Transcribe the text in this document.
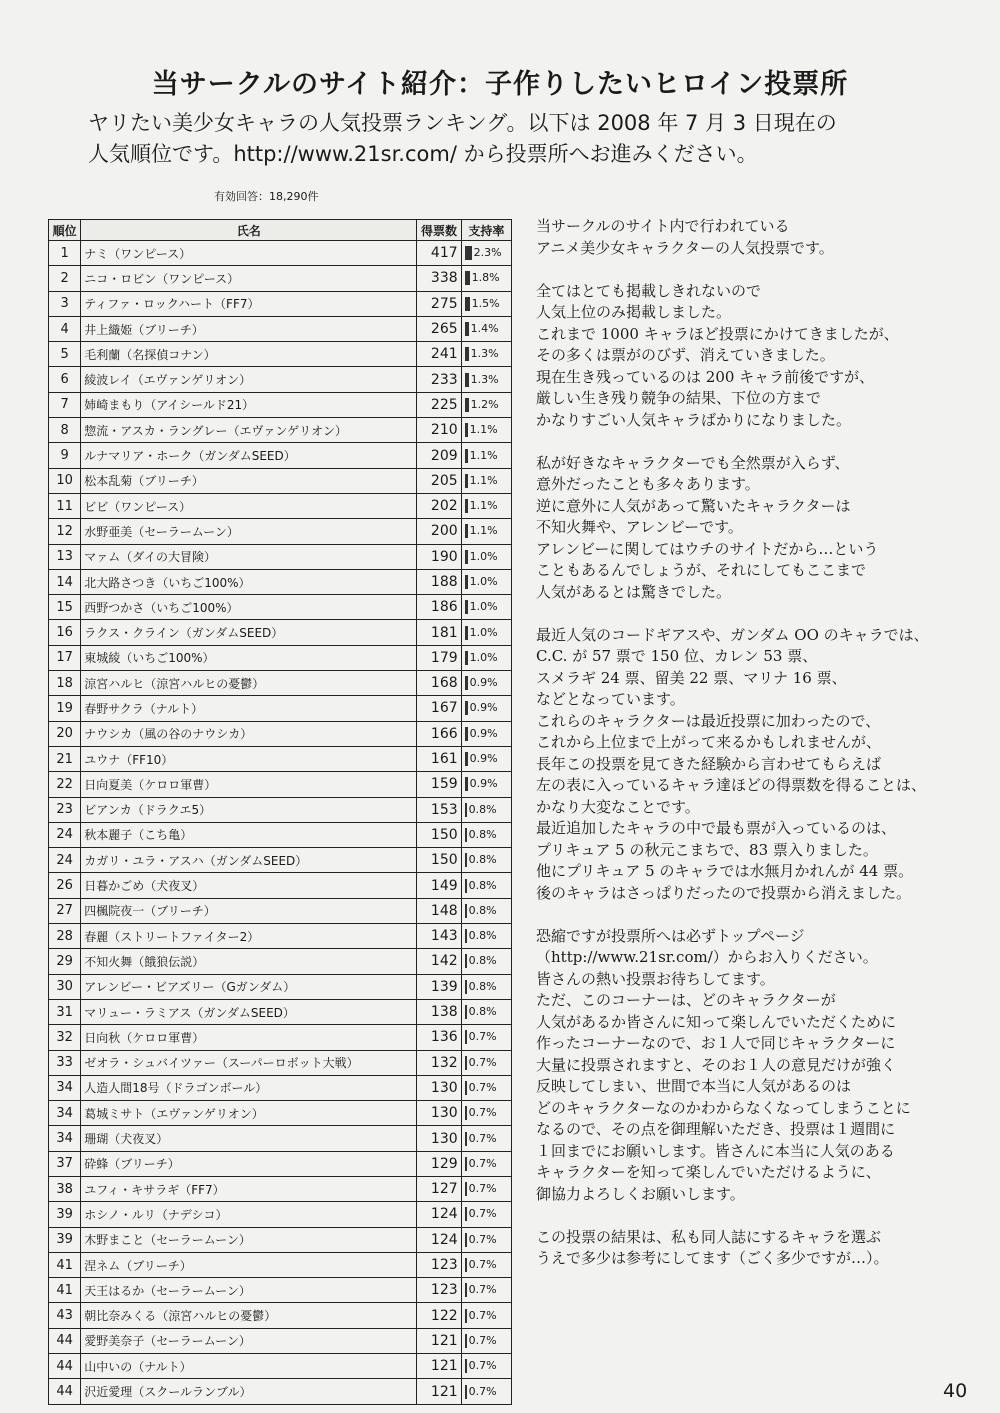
当サークルのサイト紹介：子作りしたいヒロイン投票所
ヤリたい美少女キャラの人気投票ランキング。以下は 2008 年 7 月 3 日現在の
人気順位です。http://www.21sr.com/ から投票所へお進みください。
有効回答：18,290件
順位	氏名	得票数	支持率
1	ナミ（ワンピース）	417	2.3%
2	ニコ・ロビン（ワンピース）	338	1.8%
3	ティファ・ロックハート（FF7）	275	1.5%
4	井上織姫（ブリーチ）	265	1.4%
5	毛利蘭（名探偵コナン）	241	1.3%
6	綾波レイ（エヴァンゲリオン）	233	1.3%
7	姉崎まもり（アイシールド21）	225	1.2%
8	惣流・アスカ・ラングレー（エヴァンゲリオン）	210	1.1%
9	ルナマリア・ホーク（ガンダムSEED）	209	1.1%
10	松本乱菊（ブリーチ）	205	1.1%
11	ビビ（ワンピース）	202	1.1%
12	水野亜美（セーラームーン）	200	1.1%
13	マァム（ダイの大冒険）	190	1.0%
14	北大路さつき（いちご100%）	188	1.0%
15	西野つかさ（いちご100%）	186	1.0%
16	ラクス・クライン（ガンダムSEED）	181	1.0%
17	東城綾（いちご100%）	179	1.0%
18	涼宮ハルヒ（涼宮ハルヒの憂鬱）	168	0.9%
19	春野サクラ（ナルト）	167	0.9%
20	ナウシカ（風の谷のナウシカ）	166	0.9%
21	ユウナ（FF10）	161	0.9%
22	日向夏美（ケロロ軍曹）	159	0.9%
23	ビアンカ（ドラクエ5）	153	0.8%
24	秋本麗子（こち亀）	150	0.8%
24	カガリ・ユラ・アスハ（ガンダムSEED）	150	0.8%
26	日暮かごめ（犬夜叉）	149	0.8%
27	四楓院夜一（ブリーチ）	148	0.8%
28	春麗（ストリートファイター2）	143	0.8%
29	不知火舞（餓狼伝説）	142	0.8%
30	アレンビー・ビアズリー（Gガンダム）	139	0.8%
31	マリュー・ラミアス（ガンダムSEED）	138	0.8%
32	日向秋（ケロロ軍曹）	136	0.7%
33	ゼオラ・シュバイツァー（スーパーロボット大戦）	132	0.7%
34	人造人間18号（ドラゴンボール）	130	0.7%
34	葛城ミサト（エヴァンゲリオン）	130	0.7%
34	珊瑚（犬夜叉）	130	0.7%
37	砕蜂（ブリーチ）	129	0.7%
38	ユフィ・キサラギ（FF7）	127	0.7%
39	ホシノ・ルリ（ナデシコ）	124	0.7%
39	木野まこと（セーラームーン）	124	0.7%
41	涅ネム（ブリーチ）	123	0.7%
41	天王はるか（セーラームーン）	123	0.7%
43	朝比奈みくる（涼宮ハルヒの憂鬱）	122	0.7%
44	愛野美奈子（セーラームーン）	121	0.7%
44	山中いの（ナルト）	121	0.7%
44	沢近愛理（スクールランブル）	121	0.7%

当サークルのサイト内で行われている
アニメ美少女キャラクターの人気投票です。

全てはとても掲載しきれないので
人気上位のみ掲載しました。
これまで 1000 キャラほど投票にかけてきましたが、
その多くは票がのびず、消えていきました。
現在生き残っているのは 200 キャラ前後ですが、
厳しい生き残り競争の結果、下位の方まで
かなりすごい人気キャラばかりになりました。

私が好きなキャラクターでも全然票が入らず、
意外だったことも多々あります。
逆に意外に人気があって驚いたキャラクターは
不知火舞や、アレンビーです。
アレンビーに関してはウチのサイトだから…という
こともあるんでしょうが、それにしてもここまで
人気があるとは驚きでした。

最近人気のコードギアスや、ガンダム OO のキャラでは、
C.C. が 57 票で 150 位、カレン 53 票、
スメラギ 24 票、留美 22 票、マリナ 16 票、
などとなっています。
これらのキャラクターは最近投票に加わったので、
これから上位まで上がって来るかもしれませんが、
長年この投票を見てきた経験から言わせてもらえば
左の表に入っているキャラ達ほどの得票数を得ることは、
かなり大変なことです。
最近追加したキャラの中で最も票が入っているのは、
プリキュア 5 の秋元こまちで、83 票入りました。
他にプリキュア 5 のキャラでは水無月かれんが 44 票。
後のキャラはさっぱりだったので投票から消えました。

恐縮ですが投票所へは必ずトップページ
（http://www.21sr.com/）からお入りください。
皆さんの熱い投票お待ちしてます。
ただ、このコーナーは、どのキャラクターが
人気があるか皆さんに知って楽しんでいただくために
作ったコーナーなので、お１人で同じキャラクターに
大量に投票されますと、そのお１人の意見だけが強く
反映してしまい、世間で本当に人気があるのは
どのキャラクターなのかわからなくなってしまうことに
なるので、その点を御理解いただき、投票は１週間に
１回までにお願いします。皆さんに本当に人気のある
キャラクターを知って楽しんでいただけるように、
御協力よろしくお願いします。

この投票の結果は、私も同人誌にするキャラを選ぶ
うえで多少は参考にしてます（ごく多少ですが…）。

40
